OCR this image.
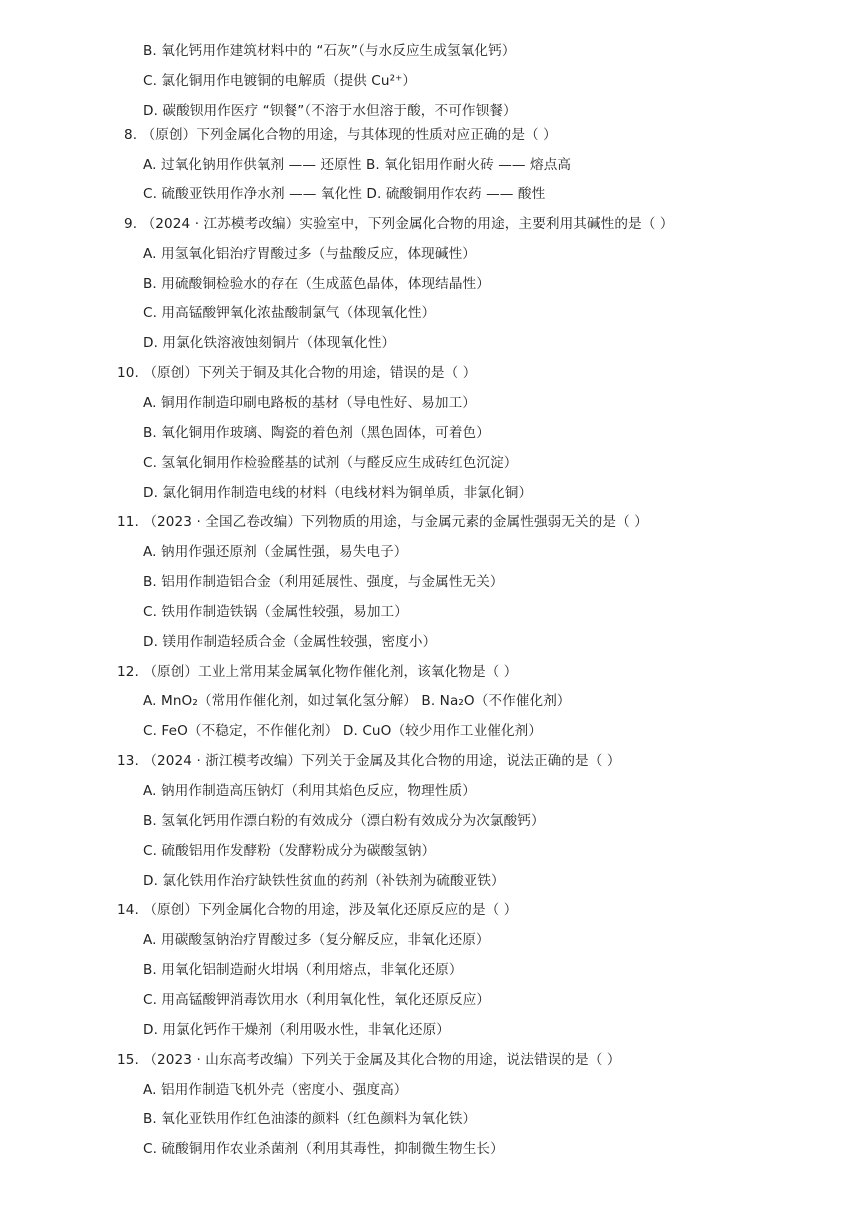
B. 氧化钙用作建筑材料中的 “石灰”（与水反应生成氢氧化钙）
C. 氯化铜用作电镀铜的电解质（提供 Cu²⁺）
D. 碳酸钡用作医疗 “钡餐”（不溶于水但溶于酸，不可作钡餐）
8. （原创）下列金属化合物的用途，与其体现的性质对应正确的是（ ）
A. 过氧化钠用作供氧剂 —— 还原性 B. 氧化铝用作耐火砖 —— 熔点高
C. 硫酸亚铁用作净水剂 —— 氧化性 D. 硫酸铜用作农药 —— 酸性
9. （2024 · 江苏模考改编）实验室中，下列金属化合物的用途，主要利用其碱性的是（ ）
A. 用氢氧化铝治疗胃酸过多（与盐酸反应，体现碱性）
B. 用硫酸铜检验水的存在（生成蓝色晶体，体现结晶性）
C. 用高锰酸钾氧化浓盐酸制氯气（体现氧化性）
D. 用氯化铁溶液蚀刻铜片（体现氧化性）
10. （原创）下列关于铜及其化合物的用途，错误的是（ ）
A. 铜用作制造印刷电路板的基材（导电性好、易加工）
B. 氧化铜用作玻璃、陶瓷的着色剂（黑色固体，可着色）
C. 氢氧化铜用作检验醛基的试剂（与醛反应生成砖红色沉淀）
D. 氯化铜用作制造电线的材料（电线材料为铜单质，非氯化铜）
11. （2023 · 全国乙卷改编）下列物质的用途，与金属元素的金属性强弱无关的是（ ）
A. 钠用作强还原剂（金属性强，易失电子）
B. 铝用作制造铝合金（利用延展性、强度，与金属性无关）
C. 铁用作制造铁锅（金属性较强，易加工）
D. 镁用作制造轻质合金（金属性较强，密度小）
12. （原创）工业上常用某金属氧化物作催化剂，该氧化物是（ ）
A. MnO₂（常用作催化剂，如过氧化氢分解） B. Na₂O（不作催化剂）
C. FeO（不稳定，不作催化剂） D. CuO（较少用作工业催化剂）
13. （2024 · 浙江模考改编）下列关于金属及其化合物的用途，说法正确的是（ ）
A. 钠用作制造高压钠灯（利用其焰色反应，物理性质）
B. 氢氧化钙用作漂白粉的有效成分（漂白粉有效成分为次氯酸钙）
C. 硫酸铝用作发酵粉（发酵粉成分为碳酸氢钠）
D. 氯化铁用作治疗缺铁性贫血的药剂（补铁剂为硫酸亚铁）
14. （原创）下列金属化合物的用途，涉及氧化还原反应的是（ ）
A. 用碳酸氢钠治疗胃酸过多（复分解反应，非氧化还原）
B. 用氧化铝制造耐火坩埚（利用熔点，非氧化还原）
C. 用高锰酸钾消毒饮用水（利用氧化性，氧化还原反应）
D. 用氯化钙作干燥剂（利用吸水性，非氧化还原）
15. （2023 · 山东高考改编）下列关于金属及其化合物的用途，说法错误的是（ ）
A. 铝用作制造飞机外壳（密度小、强度高）
B. 氧化亚铁用作红色油漆的颜料（红色颜料为氧化铁）
C. 硫酸铜用作农业杀菌剂（利用其毒性，抑制微生物生长）
